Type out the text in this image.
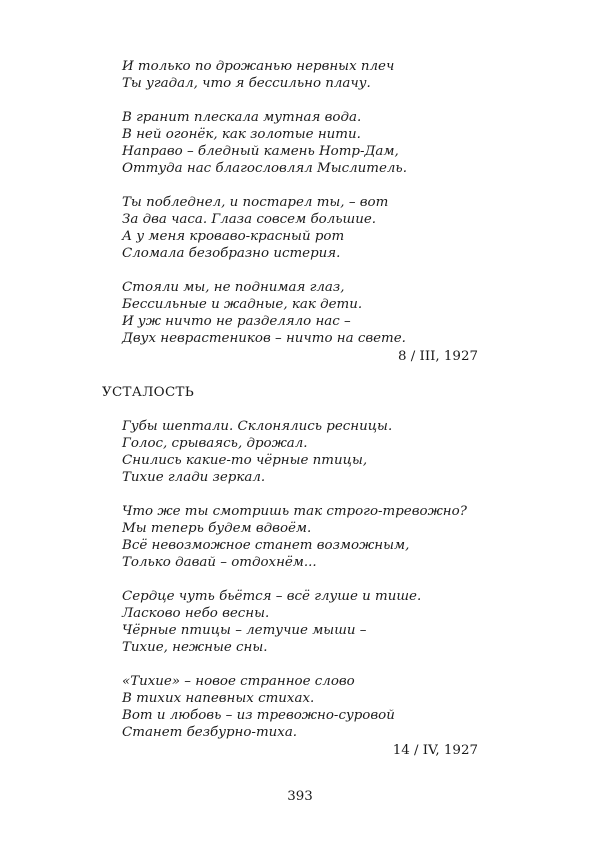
И только по дрожанью нервных плеч
Ты угадал, что я бессильно плачу.
В гранит плескала мутная вода.
В ней огонёк, как золотые нити.
Направо – бледный камень Нотр-Дам,
Оттуда нас благословлял Мыслитель.
Ты побледнел, и постарел ты, – вот
За два часа. Глаза совсем большие.
А у меня кроваво-красный рот
Сломала безобразно истерия.
Стояли мы, не поднимая глаз,
Бессильные и жадные, как дети.
И уж ничто не разделяло нас –
Двух неврастеников – ничто на свете.
8 / III, 1927
УСТАЛОСТЬ
Губы шептали. Склонялись ресницы.
Голос, срываясь, дрожал.
Снились какие-то чёрные птицы,
Тихие глади зеркал.
Что же ты смотришь так строго-тревожно?
Мы теперь будем вдвоём.
Всё невозможное станет возможным,
Только давай – отдохнём...
Сердце чуть бьётся – всё глуше и тише.
Ласково небо весны.
Чёрные птицы – летучие мыши –
Тихие, нежные сны.
«Тихие» – новое странное слово
В тихих напевных стихах.
Вот и любовь – из тревожно-суровой
Станет безбурно-тиха.
14 / IV, 1927
393
